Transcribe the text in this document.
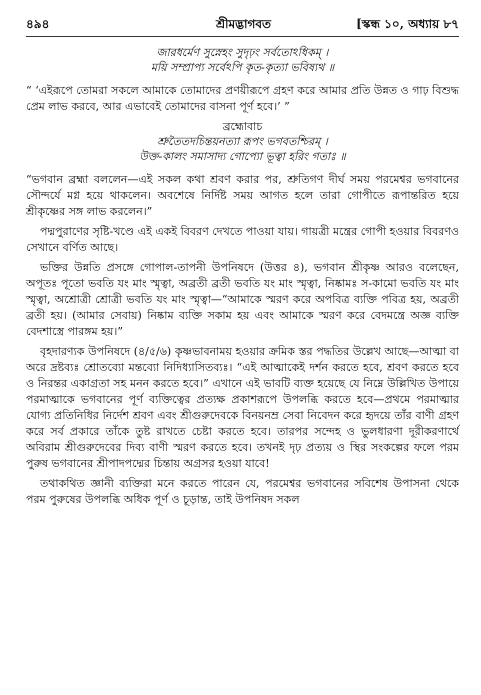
৪৯৪	শ্রীমদ্ভাগবত	[স্কন্ধ ১০, অধ্যায় ৮৭
জারধর্মেণ সুস্নেহং সুদৃঢ়ং সর্বতোঽধিকম্ ।
ময়ি সম্প্রাপ্য সর্বেঽপি কৃত-কৃত্যা ভবিষ্যথ ॥

“ ‘এইরূপে তোমরা সকলে আমাকে তোমাদের প্রণয়ীরূপে গ্রহণ করে আমার প্রতি উন্নত ও গাঢ় বিশুদ্ধ প্রেম লাভ করবে, আর এভাবেই তোমাদের বাসনা পূর্ণ হবে।’ ”

ব্রহ্মোবাচ
শ্রুতৈতদচিন্তয়নত্যা রূপং ভগবতশ্চিরম্ ।
উক্ত-কালং সমাসাদ্য গোপ্যো ভূত্বা হরিং গতাঃ ॥

“ভগবান ব্রহ্মা বললেন—এই সকল কথা শ্রবণ করার পর, শ্রুতিগণ দীর্ঘ সময় পরমেশ্বর ভগবানের সৌন্দর্যে মগ্ন হয়ে থাকলেন। অবশেষে নির্দিষ্ট সময় আগত হলে তারা গোপীতে রূপান্তরিত হয়ে শ্রীকৃষ্ণের সঙ্গ লাভ করলেন।”

পদ্মপুরাণের সৃষ্টি-খণ্ডে এই একই বিবরণ দেখতে পাওয়া যায়। গায়ত্রী মন্ত্রের গোপী হওয়ার বিবরণও সেখানে বর্ণিত আছে।

ভক্তির উন্নতি প্রসঙ্গে গোপাল-তাপনী উপনিষদে (উত্তর ৪), ভগবান শ্রীকৃষ্ণ আরও বলেছেন, অপূতঃ পূতো ভবতি যং মাং স্মৃত্বা, অব্রতী ব্রতী ভবতি যং মাং স্মৃত্বা, নিষ্কামঃ স-কামো ভবতি যং মাং স্মৃত্বা, অশ্রোত্রী শ্রোত্রী ভবতি যং মাং স্মৃত্বা—“আমাকে স্মরণ করে অপবিত্র ব্যক্তি পবিত্র হয়, অব্রতী ব্রতী হয়। (আমার সেবায়) নিষ্কাম ব্যক্তি সকাম হয় এবং আমাকে স্মরণ করে বেদমন্ত্রে অজ্ঞ ব্যক্তি বেদশাস্ত্রে পারঙ্গম হয়।”

বৃহদারণ্যক উপনিষদে (৪/৫/৬) কৃষ্ণভাবনাময় হওয়ার ক্রমিক স্তর পদ্ধতির উল্লেখ আছে—আত্মা বা অরে দ্রষ্টব্যঃ শ্রোতব্যো মন্তব্যো নিদিধ্যাসিতব্যঃ। “এই আত্মাকেই দর্শন করতে হবে, শ্রবণ করতে হবে ও নিরন্তর একাগ্রতা সহ মনন করতে হবে।” এখানে এই ভাবটি ব্যক্ত হয়েছে যে নিম্নে উল্লিখিত উপায়ে পরমাত্মাকে ভগবানের পূর্ণ ব্যক্তিত্বের প্রত্যক্ষ প্রকাশরূপে উপলব্ধি করতে হবে—প্রথমে পরমাত্মার যোগ্য প্রতিনিধির নির্দেশ শ্রবণ এবং শ্রীগুরুদেবকে বিনয়নম্র সেবা নিবেদন করে হৃদয়ে তাঁর বাণী গ্রহণ করে সর্ব প্রকারে তাঁকে তুষ্ট রাখতে চেষ্টা করতে হবে। তারপর সন্দেহ ও ভুলধারণা দূরীকরণার্থে অবিরাম শ্রীগুরুদেবের দিব্য বাণী স্মরণ করতে হবে। তখনই দৃঢ় প্রত্যয় ও স্থির সংকল্পের ফলে পরম পুরুষ ভগবানের শ্রীপাদপদ্মের চিন্তায় অগ্রসর হওয়া যাবে!

তথাকথিত জ্ঞানী ব্যক্তিরা মনে করতে পারেন যে, পরমেশ্বর ভগবানের সবিশেষ উপাসনা থেকে পরম পুরুষের উপলব্ধি অধিক পূর্ণ ও চূড়ান্ত, তাই উপনিষদ সকল
